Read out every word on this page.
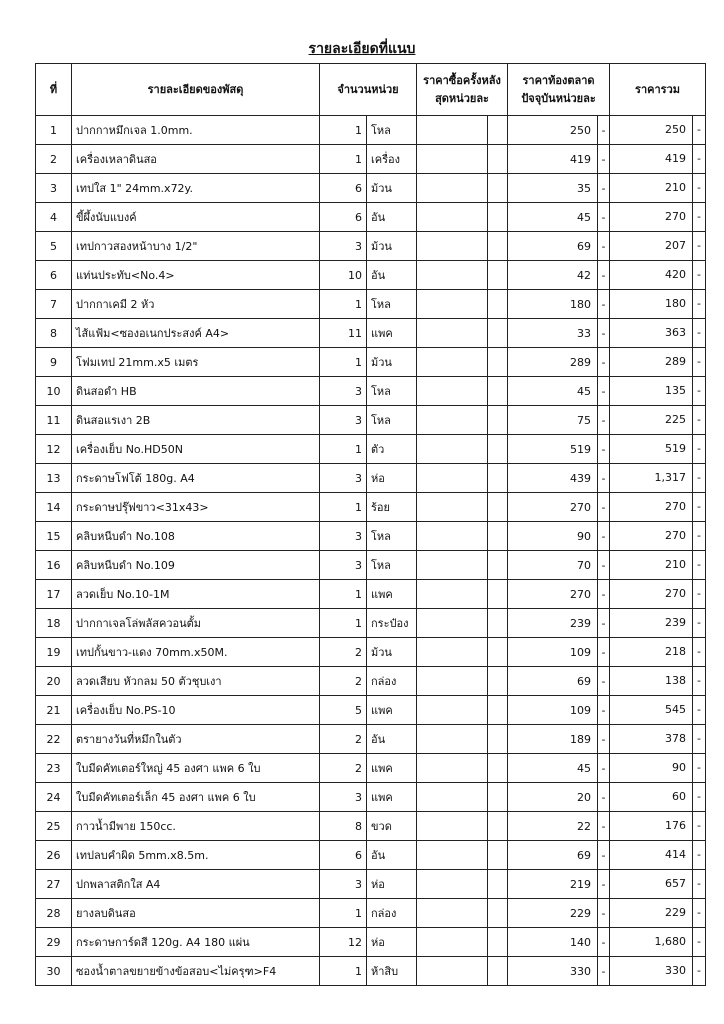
รายละเอียดที่แนบ
ที่	รายละเอียดของพัสดุ	จำนวนหน่วย		ราคาซื้อครั้งหลังสุดหน่วยละ		ราคาท้องตลาดปัจจุบันหน่วยละ		ราคารวม
1	ปากกาหมึกเจล 1.0mm.	1	โหล			250	-	250 -

2	เครื่องเหลาดินสอ	1	เครื่อง			419	-	419 -

3	เทปใส 1" 24mm.x72y.	6	ม้วน			35	-	210 -

4	ขี้ผึ้งนับแบงค์	6	อัน			45	-	270 -

5	เทปกาวสองหน้าบาง 1/2"	3	ม้วน			69	-	207 -

6	แท่นประทับ<No.4>	10	อัน			42	-	420 -

7	ปากกาเคมี 2 หัว	1	โหล			180	-	180 -

8	ไส้แฟ้ม<ซองอเนกประสงค์ A4>	11	แพค			33	-	363 -

9	โฟมเทป 21mm.x5 เมตร	1	ม้วน			289	-	289 -

10	ดินสอดำ HB	3	โหล			45	-	135 -

11	ดินสอแรเงา 2B	3	โหล			75	-	225 -

12	เครื่องเย็บ No.HD50N	1	ตัว			519	-	519 -

13	กระดาษโฟโต้ 180g. A4	3	ห่อ			439	-	1,317 -

14	กระดาษปรุ๊ฟขาว<31x43>	1	ร้อย			270	-	270 -

15	คลิบหนีบดำ No.108	3	โหล			90	-	270 -

16	คลิบหนีบดำ No.109	3	โหล			70	-	210 -

17	ลวดเย็บ No.10-1M	1	แพค			270	-	270 -

18	ปากกาเจลโล่พลัสควอนตั้ม	1	กระป๋อง			239	-	239 -

19	เทปกั้นขาว-แดง 70mm.x50M.	2	ม้วน			109	-	218 -

20	ลวดเสียบ หัวกลม 50 ตัวชุบเงา	2	กล่อง			69	-	138 -

21	เครื่องเย็บ No.PS-10	5	แพค			109	-	545 -

22	ตรายางวันที่หมึกในตัว	2	อัน			189	-	378 -

23	ใบมีดคัทเตอร์ใหญ่ 45 องศา แพค 6 ใบ	2	แพค			45	-	90 -

24	ใบมีดคัทเตอร์เล็ก 45 องศา แพค 6 ใบ	3	แพค			20	-	60 -

25	กาวน้ำมีพาย 150cc.	8	ขวด			22	-	176 -

26	เทปลบคำผิด 5mm.x8.5m.	6	อัน			69	-	414 -

27	ปกพลาสติกใส A4	3	ห่อ			219	-	657 -

28	ยางลบดินสอ	1	กล่อง			229	-	229 -

29	กระดาษการ์ดสี 120g. A4 180 แผ่น	12	ห่อ			140	-	1,680 -

30	ซองน้ำตาลขยายข้างข้อสอบ<ไม่ครุฑ>F4	1	ห้าสิบ			330	-	330 -
